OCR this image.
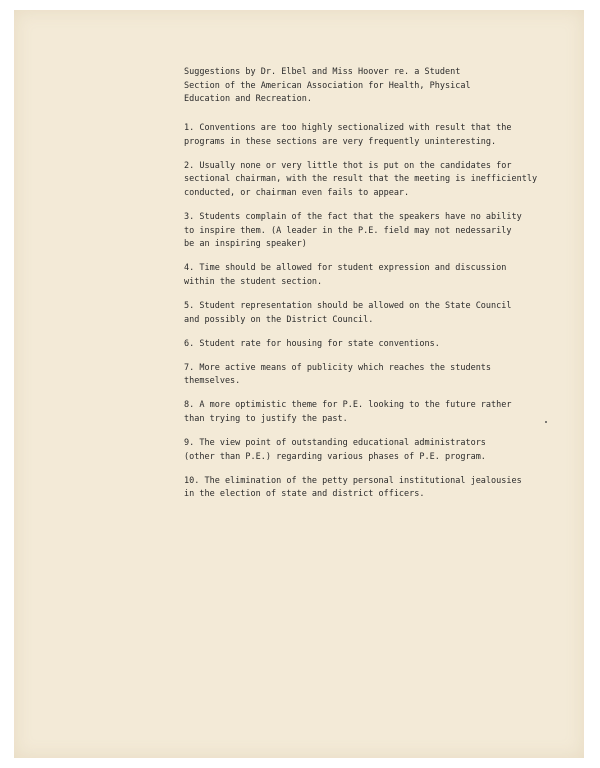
Suggestions by Dr. Elbel and Miss Hoover re. a Student
Section of the American Association for Health, Physical
Education and Recreation.

1. Conventions are too highly sectionalized with result that the
programs in these sections are very frequently uninteresting.
2. Usually none or very little thot is put on the candidates for
sectional chairman, with the result that the meeting is inefficiently
conducted, or chairman even fails to appear.
3. Students complain of the fact that the speakers have no ability
to inspire them. (A leader in the P.E. field may not nedessarily
be an inspiring speaker)
4. Time should be allowed for student expression and discussion
within the student section.
5. Student representation should be allowed on the State Council
and possibly on the District Council.
6. Student rate for housing for state conventions.
7. More active means of publicity which reaches the students
themselves.
8. A more optimistic theme for P.E. looking to the future rather
than trying to justify the past.
9. The view point of outstanding educational administrators
(other than P.E.) regarding various phases of P.E. program.
10. The elimination of the petty personal institutional jealousies
in the election of state and district officers.
